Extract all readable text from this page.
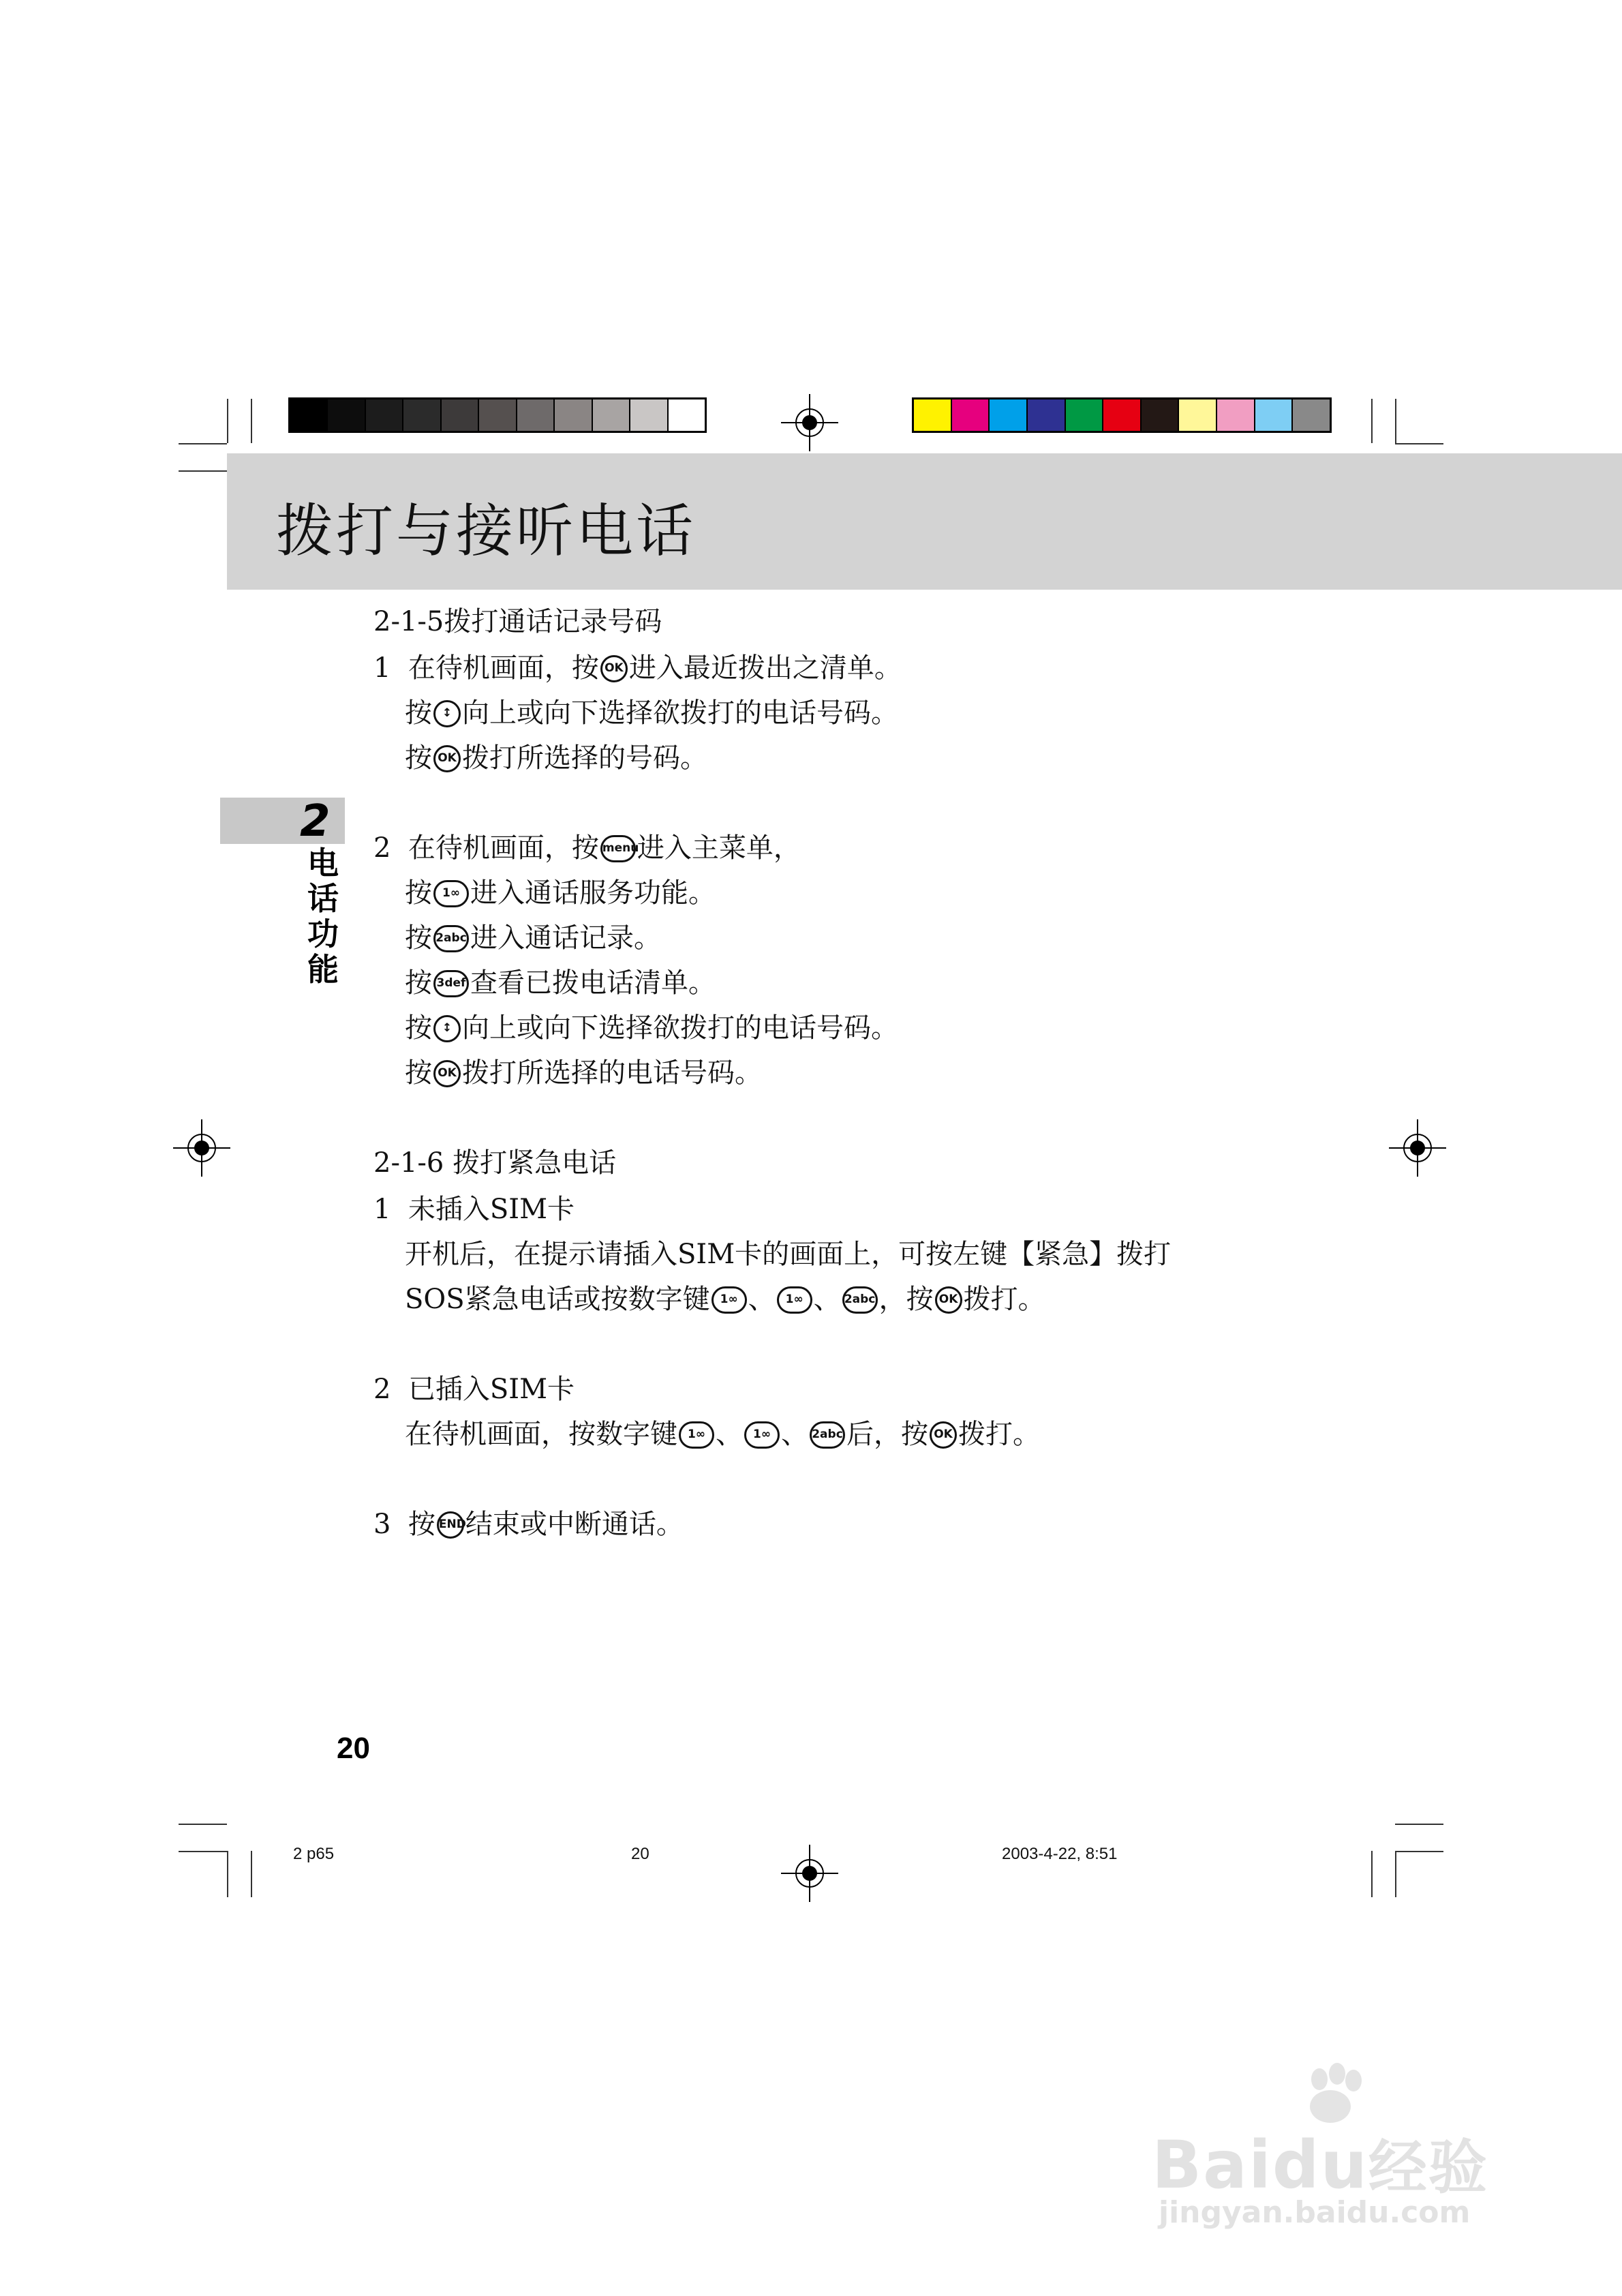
拨打与接听电话
2
电
话
功
能
2-1-5拨打通话记录号码
1 在待机画面，按 OK 进入最近拨出之清单。
按 ↕ 向上或向下选择欲拨打的电话号码。
按 OK 拨打所选择的号码。
2 在待机画面，按 menu 进入主菜单，
按 1∞ 进入通话服务功能。
按 2abc 进入通话记录。
按 3def 查看已拨电话清单。
按 ↕ 向上或向下选择欲拨打的电话号码。
按 OK 拨打所选择的电话号码。
2-1-6 拨打紧急电话
1 未插入SIM卡
开机后，在提示请插入SIM卡的画面上，可按左键【紧急】拨打
SOS紧急电话或按数字键 1∞ 、 1∞ 、 2abc ，按 OK 拨打。
2 已插入SIM卡
在待机画面，按数字键 1∞ 、 1∞ 、 2abc 后，按 OK 拨打。
3 按 END 结束或中断通话。
20
2 p65	20	2003-4-22, 8:51
Baidu经验
jingyan.baidu.com
